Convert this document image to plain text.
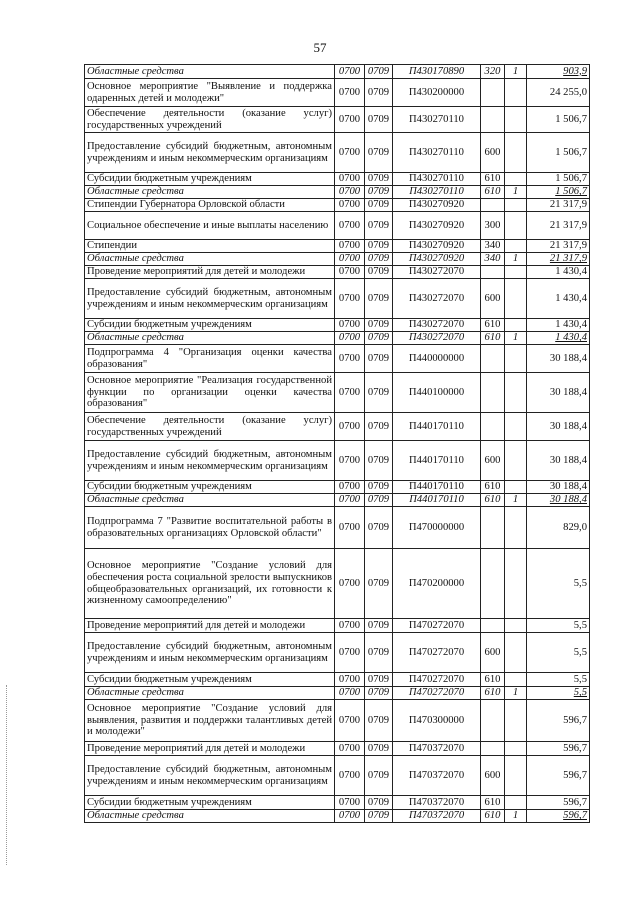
57
Областные средства	0700	0709	П430170890	320	1	903,9
Основное мероприятие "Выявление и поддержка одаренных детей и молодежи"	0700	0709	П430200000			24 255,0
Обеспечение деятельности (оказание услуг) государственных учреждений	0700	0709	П430270110			1 506,7
Предоставление субсидий бюджетным, автономным учреждениям и иным некоммерческим организациям	0700	0709	П430270110	600		1 506,7
Субсидии бюджетным учреждениям	0700	0709	П430270110	610		1 506,7
Областные средства	0700	0709	П430270110	610	1	1 506,7
Стипендии Губернатора Орловской области	0700	0709	П430270920			21 317,9
Социальное обеспечение и иные выплаты населению	0700	0709	П430270920	300		21 317,9
Стипендии	0700	0709	П430270920	340		21 317,9
Областные средства	0700	0709	П430270920	340	1	21 317,9
Проведение мероприятий для детей и молодежи	0700	0709	П430272070			1 430,4
Предоставление субсидий бюджетным, автономным учреждениям и иным некоммерческим организациям	0700	0709	П430272070	600		1 430,4
Субсидии бюджетным учреждениям	0700	0709	П430272070	610		1 430,4
Областные средства	0700	0709	П430272070	610	1	1 430,4
Подпрограмма 4 "Организация оценки качества образования"	0700	0709	П440000000			30 188,4
Основное мероприятие "Реализация государственной функции по организации оценки качества образования"	0700	0709	П440100000			30 188,4
Обеспечение деятельности (оказание услуг) государственных учреждений	0700	0709	П440170110			30 188,4
Предоставление субсидий бюджетным, автономным учреждениям и иным некоммерческим организациям	0700	0709	П440170110	600		30 188,4
Субсидии бюджетным учреждениям	0700	0709	П440170110	610		30 188,4
Областные средства	0700	0709	П440170110	610	1	30 188,4
Подпрограмма 7 "Развитие воспитательной работы в образовательных организациях Орловской области"	0700	0709	П470000000			829,0
Основное мероприятие "Создание условий для обеспечения роста социальной зрелости выпускников общеобразовательных организаций, их готовности к жизненному самоопределению"	0700	0709	П470200000			5,5
Проведение мероприятий для детей и молодежи	0700	0709	П470272070			5,5
Предоставление субсидий бюджетным, автономным учреждениям и иным некоммерческим организациям	0700	0709	П470272070	600		5,5
Субсидии бюджетным учреждениям	0700	0709	П470272070	610		5,5
Областные средства	0700	0709	П470272070	610	1	5,5
Основное мероприятие "Создание условий для выявления, развития и поддержки талантливых детей и молодежи"	0700	0709	П470300000			596,7
Проведение мероприятий для детей и молодежи	0700	0709	П470372070			596,7
Предоставление субсидий бюджетным, автономным учреждениям и иным некоммерческим организациям	0700	0709	П470372070	600		596,7
Субсидии бюджетным учреждениям	0700	0709	П470372070	610		596,7
Областные средства	0700	0709	П470372070	610	1	596,7
